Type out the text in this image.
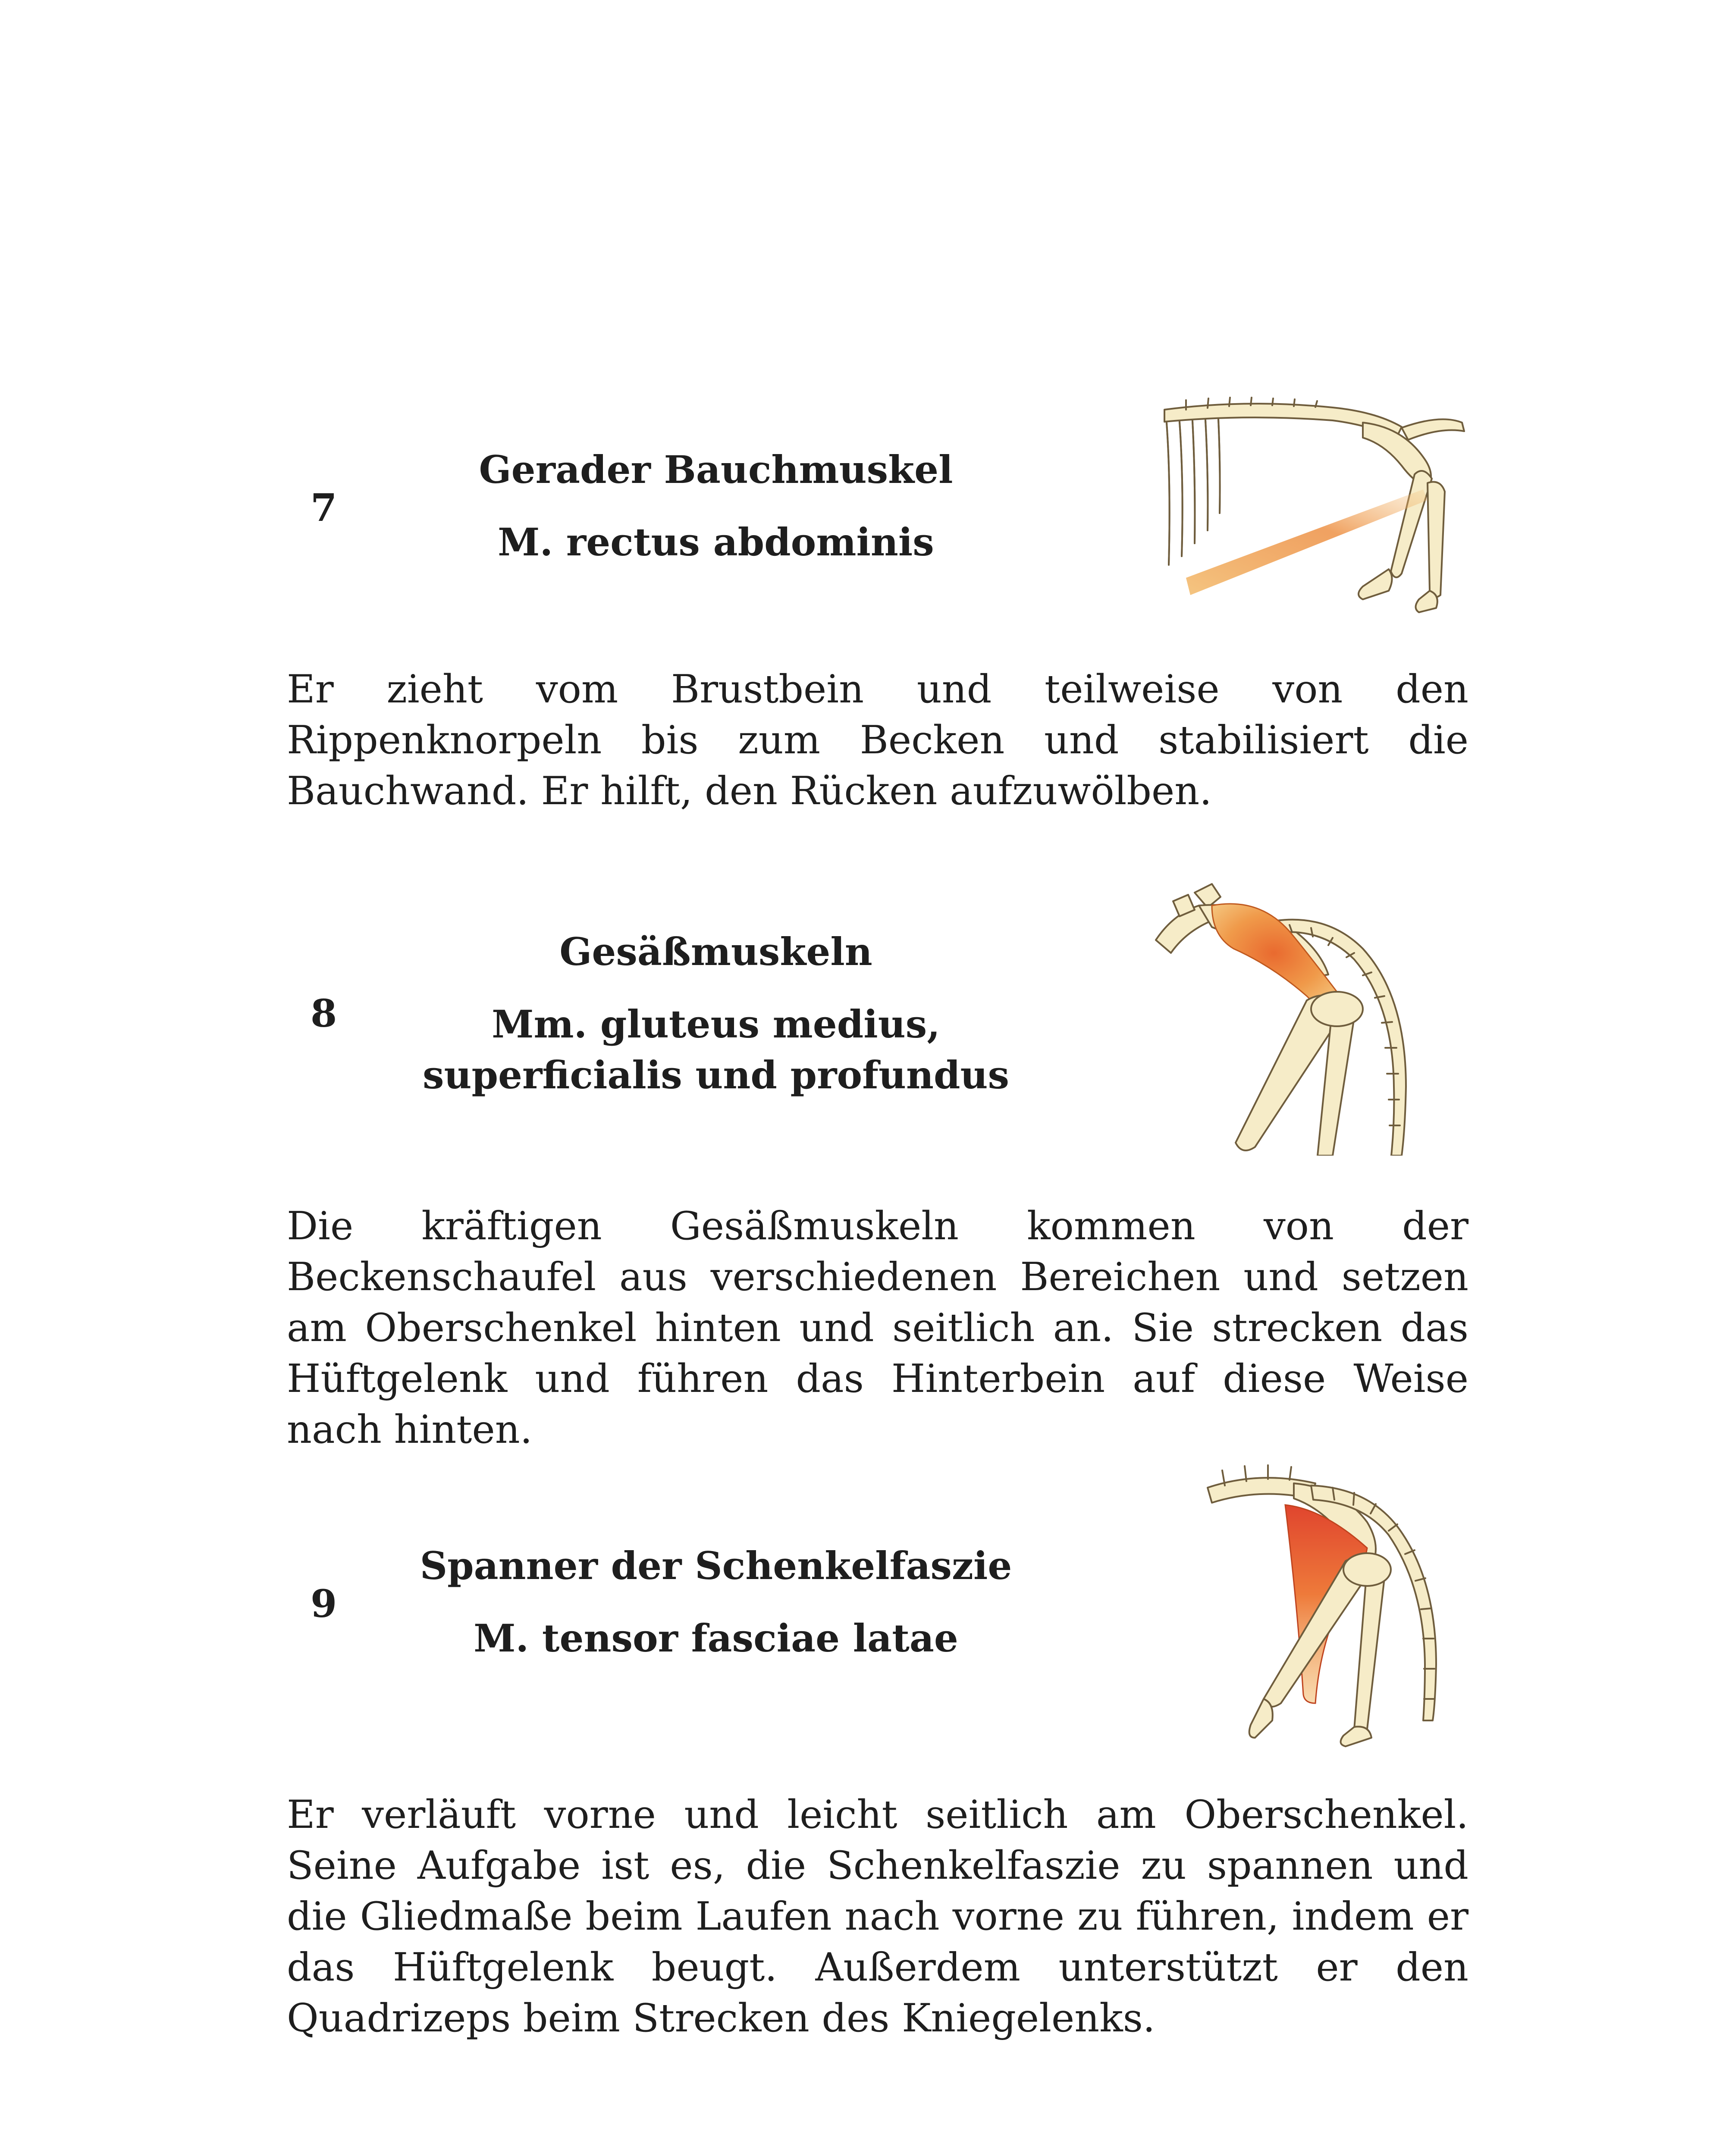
7
Gerader Bauchmuskel
M. rectus abdominis
Er zieht vom Brustbein und teilweise von den Rippenknorpeln bis zum Becken und stabilisiert die Bauchwand. Er hilft, den Rücken aufzuwölben.
8
Gesäßmuskeln
Mm. gluteus medius,
superficialis und profundus
Die kräftigen Gesäßmuskeln kommen von der Beckenschaufel aus verschiedenen Bereichen und setzen am Oberschenkel hinten und seitlich an. Sie strecken das Hüftgelenk und führen das Hinterbein auf diese Weise nach hinten.
9
Spanner der Schenkelfaszie
M. tensor fasciae latae
Er verläuft vorne und leicht seitlich am Oberschenkel. Seine Aufgabe ist es, die Schenkelfaszie zu spannen und die Gliedmaße beim Laufen nach vorne zu führen, indem er das Hüftgelenk beugt. Außerdem unterstützt er den Quadrizeps beim Strecken des Kniegelenks.
